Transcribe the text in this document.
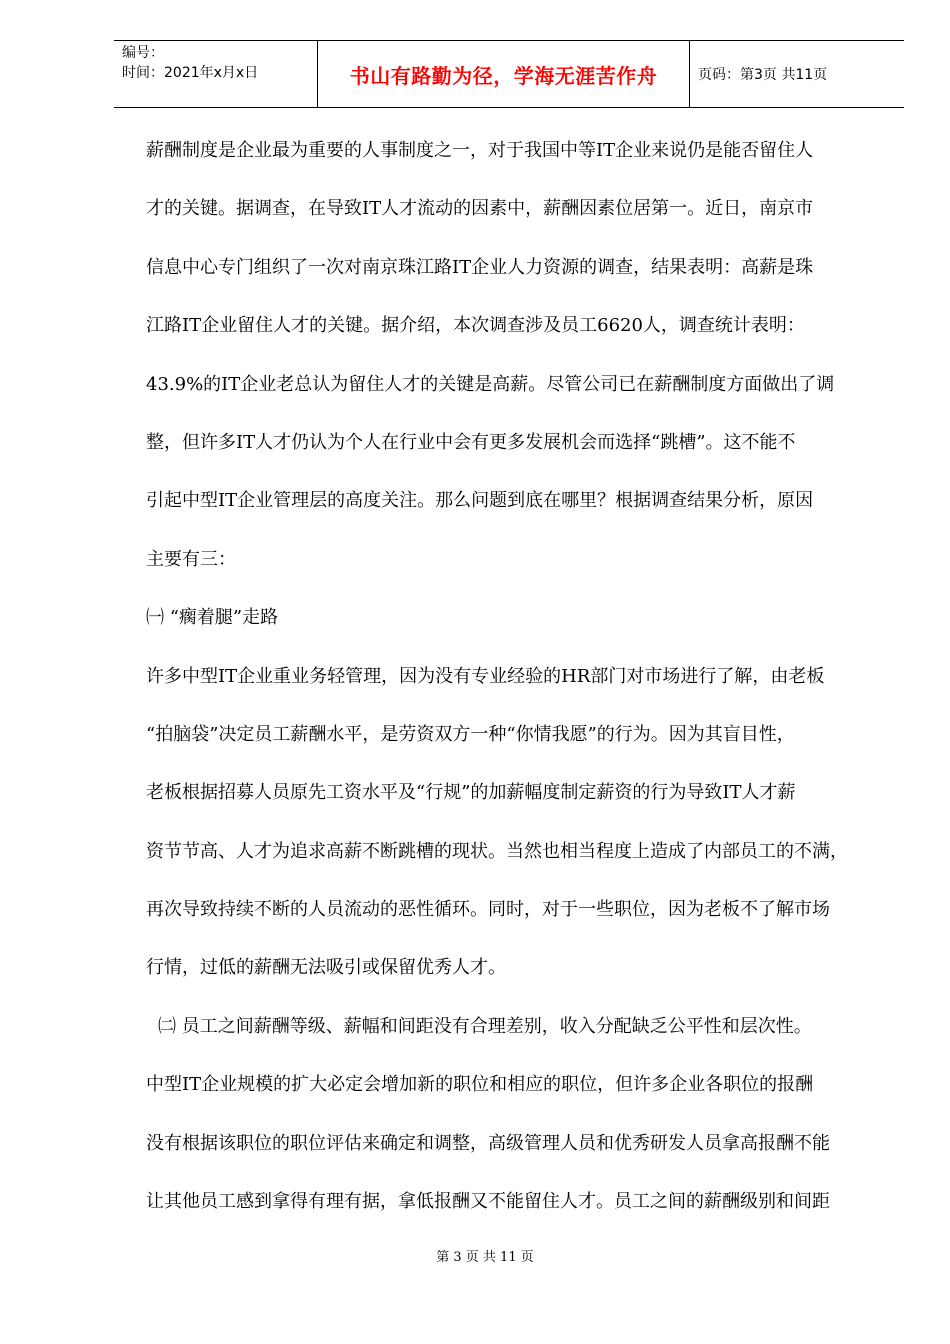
编号：
时间：2021年x月x日	书山有路勤为径，学海无涯苦作舟	页码：第3页 共11页
薪酬制度是企业最为重要的人事制度之一，对于我国中等IT企业来说仍是能否留住人
才的关键。据调查，在导致IT人才流动的因素中，薪酬因素位居第一。近日，南京市
信息中心专门组织了一次对南京珠江路IT企业人力资源的调查，结果表明：高薪是珠
江路IT企业留住人才的关键。据介绍，本次调查涉及员工6620人，调查统计表明：
43.9%的IT企业老总认为留住人才的关键是高薪。尽管公司已在薪酬制度方面做出了调
整，但许多IT人才仍认为个人在行业中会有更多发展机会而选择“跳槽”。这不能不
引起中型IT企业管理层的高度关注。那么问题到底在哪里？根据调查结果分析，原因
主要有三：
㈠ “瘸着腿”走路
许多中型IT企业重业务轻管理，因为没有专业经验的HR部门对市场进行了解，由老板
“拍脑袋”决定员工薪酬水平，是劳资双方一种“你情我愿”的行为。因为其盲目性，
老板根据招募人员原先工资水平及“行规”的加薪幅度制定薪资的行为导致IT人才薪
资节节高、人才为追求高薪不断跳槽的现状。当然也相当程度上造成了内部员工的不满，
再次导致持续不断的人员流动的恶性循环。同时，对于一些职位，因为老板不了解市场
行情，过低的薪酬无法吸引或保留优秀人才。
㈡ 员工之间薪酬等级、薪幅和间距没有合理差别，收入分配缺乏公平性和层次性。
中型IT企业规模的扩大必定会增加新的职位和相应的职位，但许多企业各职位的报酬
没有根据该职位的职位评估来确定和调整，高级管理人员和优秀研发人员拿高报酬不能
让其他员工感到拿得有理有据，拿低报酬又不能留住人才。员工之间的薪酬级别和间距
第 3 页 共 11 页
